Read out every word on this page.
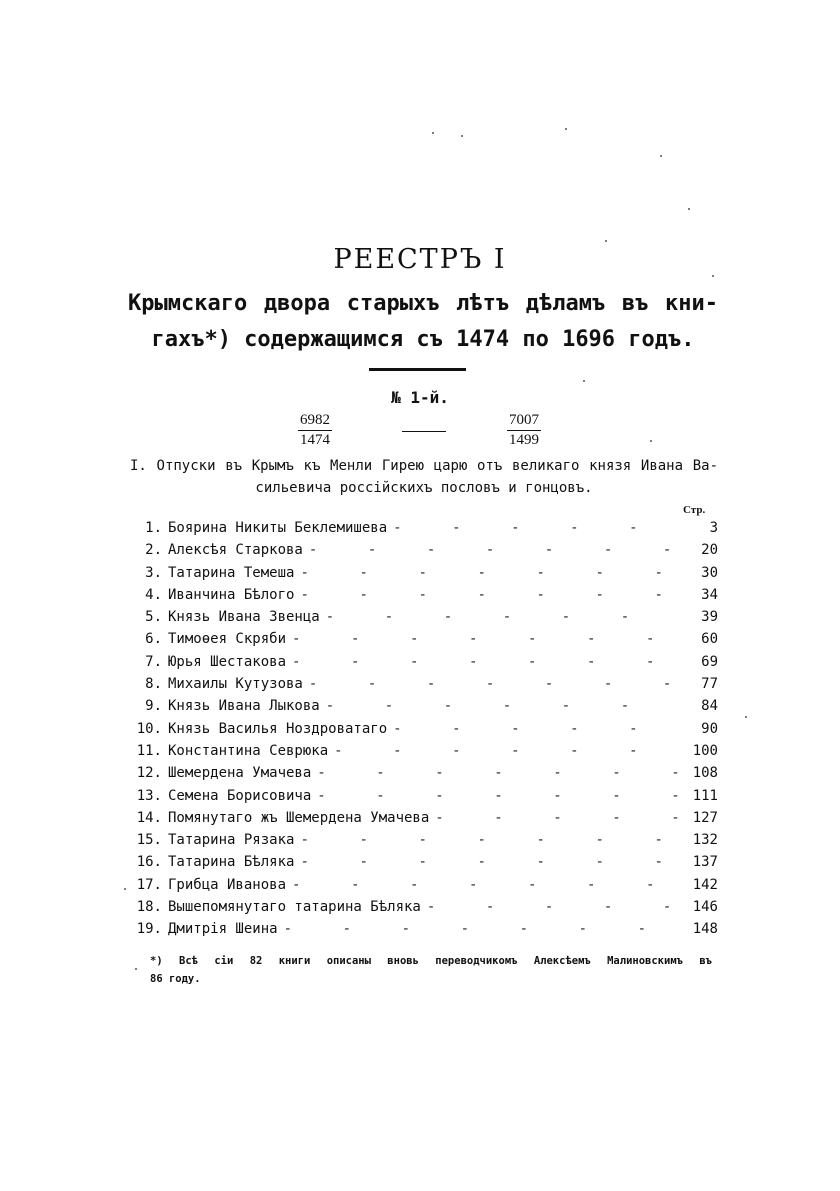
РЕЕСТРЪ I
Крымскаго двора старыхъ лѣтъ дѣламъ въ кни-
гахъ*) содержащимся съ 1474 по 1696 годъ.
№ 1-й.
$\frac{6982}{1474}$	$\frac{7007}{1499}$
I. Отпуски въ Крымъ къ Менли Гирею царю отъ великаго князя Ивана Ва-
сильевича россійскихъ пословъ и гонцовъ.
Стр.
1. Боярина Никиты Беклемишева -	3
2. Алексѣя Старкова -	20
3. Татарина Темеша -	30
4. Иванчина Бѣлого -	34
5. Князь Ивана Звенца -	39
6. Тимоѳея Скряби -	60
7. Юрья Шестакова -	69
8. Михаилы Кутузова -	77
9. Князь Ивана Лыкова -	84
10. Князь Василья Ноздроватаго -	90
11. Константина Севрюка -	100
12. Шемердена Умачева -	108
13. Семена Борисовича -	111
14. Помянутаго жъ Шемердена Умачева -	127
15. Татарина Рязака -	132
16. Татарина Бѣляка -	137
17. Грибца Иванова -	142
18. Вышепомянутаго татарина Бѣляка -	146
19. Дмитрія Шеина -	148
*) Всѣ сіи 82 книги описаны вновь переводчикомъ Алексѣемъ Малиновскимъ въ
86 году.
